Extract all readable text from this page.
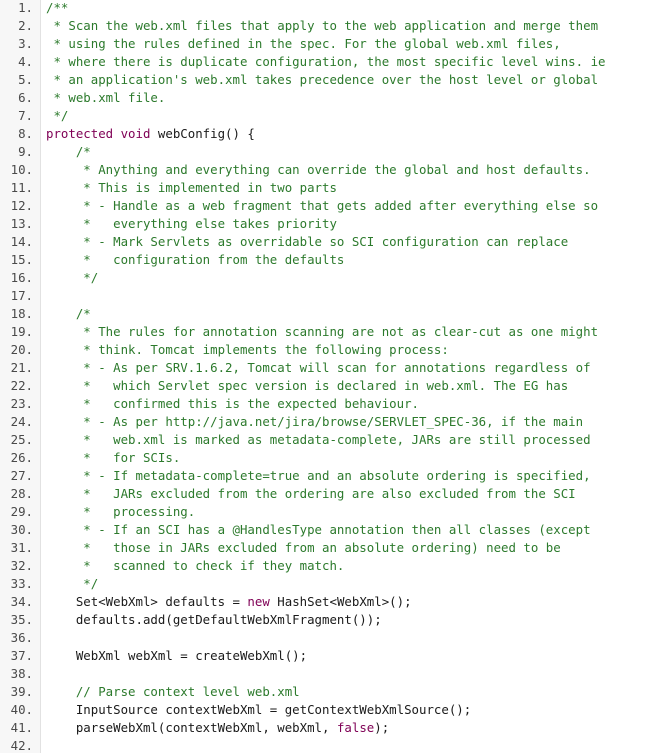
1.	/**
2.	* Scan the web.xml files that apply to the web application and merge them
3.	* using the rules defined in the spec. For the global web.xml files,
4.	* where there is duplicate configuration, the most specific level wins. ie
5.	* an application's web.xml takes precedence over the host level or global
6.	* web.xml file.
7.	*/
8.	protected void webConfig() {
9.	/*
10.	* Anything and everything can override the global and host defaults.
11.	* This is implemented in two parts
12.	* - Handle as a web fragment that gets added after everything else so
13.	*   everything else takes priority
14.	* - Mark Servlets as overridable so SCI configuration can replace
15.	*   configuration from the defaults
16.	*/
17.
18.	/*
19.	* The rules for annotation scanning are not as clear-cut as one might
20.	* think. Tomcat implements the following process:
21.	* - As per SRV.1.6.2, Tomcat will scan for annotations regardless of
22.	*   which Servlet spec version is declared in web.xml. The EG has
23.	*   confirmed this is the expected behaviour.
24.	* - As per http://java.net/jira/browse/SERVLET_SPEC-36, if the main
25.	*   web.xml is marked as metadata-complete, JARs are still processed
26.	*   for SCIs.
27.	* - If metadata-complete=true and an absolute ordering is specified,
28.	*   JARs excluded from the ordering are also excluded from the SCI
29.	*   processing.
30.	* - If an SCI has a @HandlesType annotation then all classes (except
31.	*   those in JARs excluded from an absolute ordering) need to be
32.	*   scanned to check if they match.
33.	*/
34.	Set<WebXml> defaults = new HashSet<WebXml>();
35.	defaults.add(getDefaultWebXmlFragment());
36.
37.	WebXml webXml = createWebXml();
38.
39.	// Parse context level web.xml
40.	InputSource contextWebXml = getContextWebXmlSource();
41.	parseWebXml(contextWebXml, webXml, false);
42.
